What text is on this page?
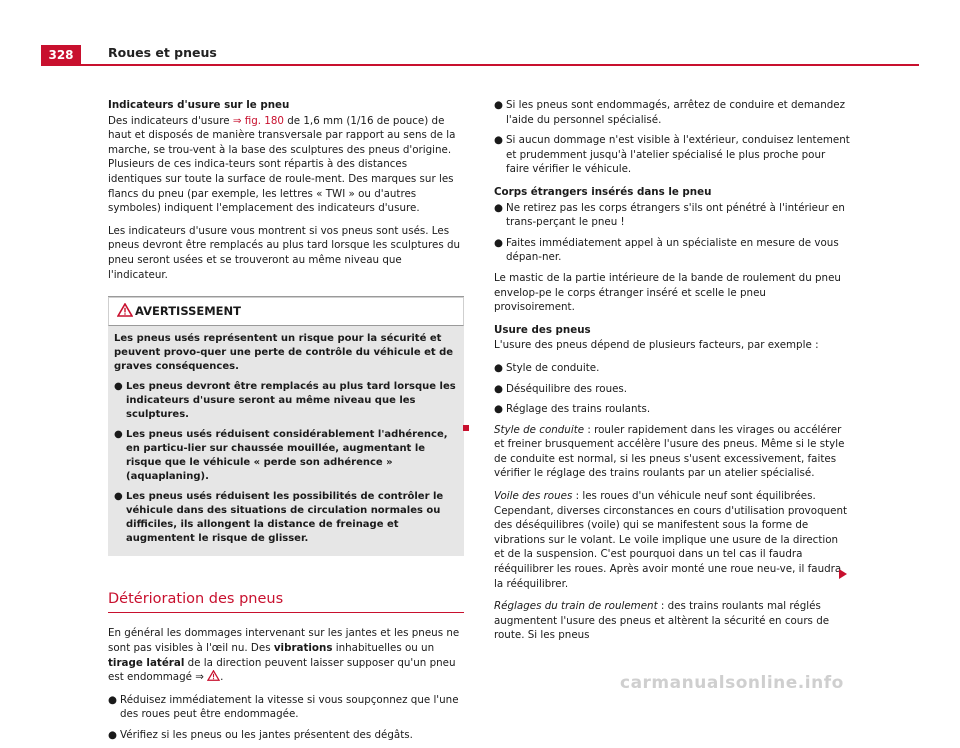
328	Roues et pneus

Indicateurs d'usure sur le pneu

Des indicateurs d'usure ⇒ fig. 180 de 1,6 mm (1/16 de pouce) de haut et disposés de manière transversale par rapport au sens de la marche, se trou-vent à la base des sculptures des pneus d'origine. Plusieurs de ces indica-teurs sont répartis à des distances identiques sur toute la surface de roule-ment. Des marques sur les flancs du pneu (par exemple, les lettres « TWI » ou d'autres symboles) indiquent l'emplacement des indicateurs d'usure.

Les indicateurs d'usure vous montrent si vos pneus sont usés. Les pneus devront être remplacés au plus tard lorsque les sculptures du pneu seront usées et se trouveront au même niveau que l'indicateur.

AVERTISSEMENT

Les pneus usés représentent un risque pour la sécurité et peuvent provo-quer une perte de contrôle du véhicule et de graves conséquences.

● Les pneus devront être remplacés au plus tard lorsque les indicateurs d'usure seront au même niveau que les sculptures.
● Les pneus usés réduisent considérablement l'adhérence, en particu-lier sur chaussée mouillée, augmentant le risque que le véhicule « perde son adhérence » (aquaplaning).
● Les pneus usés réduisent les possibilités de contrôler le véhicule dans des situations de circulation normales ou difficiles, ils allongent la distance de freinage et augmentent le risque de glisser.
Détérioration des pneus

En général les dommages intervenant sur les jantes et les pneus ne sont pas visibles à l'œil nu. Des vibrations inhabituelles ou un tirage latéral de la direction peuvent laisser supposer qu'un pneu est endommagé ⇒ .

● Réduisez immédiatement la vitesse si vous soupçonnez que l'une des roues peut être endommagée.
● Vérifiez si les pneus ou les jantes présentent des dégâts.
● Si les pneus sont endommagés, arrêtez de conduire et demandez l'aide du personnel spécialisé.
● Si aucun dommage n'est visible à l'extérieur, conduisez lentement et prudemment jusqu'à l'atelier spécialisé le plus proche pour faire vérifier le véhicule.

Corps étrangers insérés dans le pneu

● Ne retirez pas les corps étrangers s'ils ont pénétré à l'intérieur en trans-perçant le pneu !
● Faites immédiatement appel à un spécialiste en mesure de vous dépan-ner.

Le mastic de la partie intérieure de la bande de roulement du pneu envelop-pe le corps étranger inséré et scelle le pneu provisoirement.

Usure des pneus

L'usure des pneus dépend de plusieurs facteurs, par exemple :

● Style de conduite.
● Déséquilibre des roues.
● Réglage des trains roulants.

Style de conduite : rouler rapidement dans les virages ou accélérer et freiner brusquement accélère l'usure des pneus. Même si le style de conduite est normal, si les pneus s'usent excessivement, faites vérifier le réglage des trains roulants par un atelier spécialisé.

Voile des roues : les roues d'un véhicule neuf sont équilibrées. Cependant, diverses circonstances en cours d'utilisation provoquent des déséquilibres (voile) qui se manifestent sous la forme de vibrations sur le volant. Le voile implique une usure de la direction et de la suspension. C'est pourquoi dans un tel cas il faudra rééquilibrer les roues. Après avoir monté une roue neu-ve, il faudra la rééquilibrer.

Réglages du train de roulement : des trains roulants mal réglés augmentent l'usure des pneus et altèrent la sécurité en cours de route. Si les pneus

carmanualsonline.info
